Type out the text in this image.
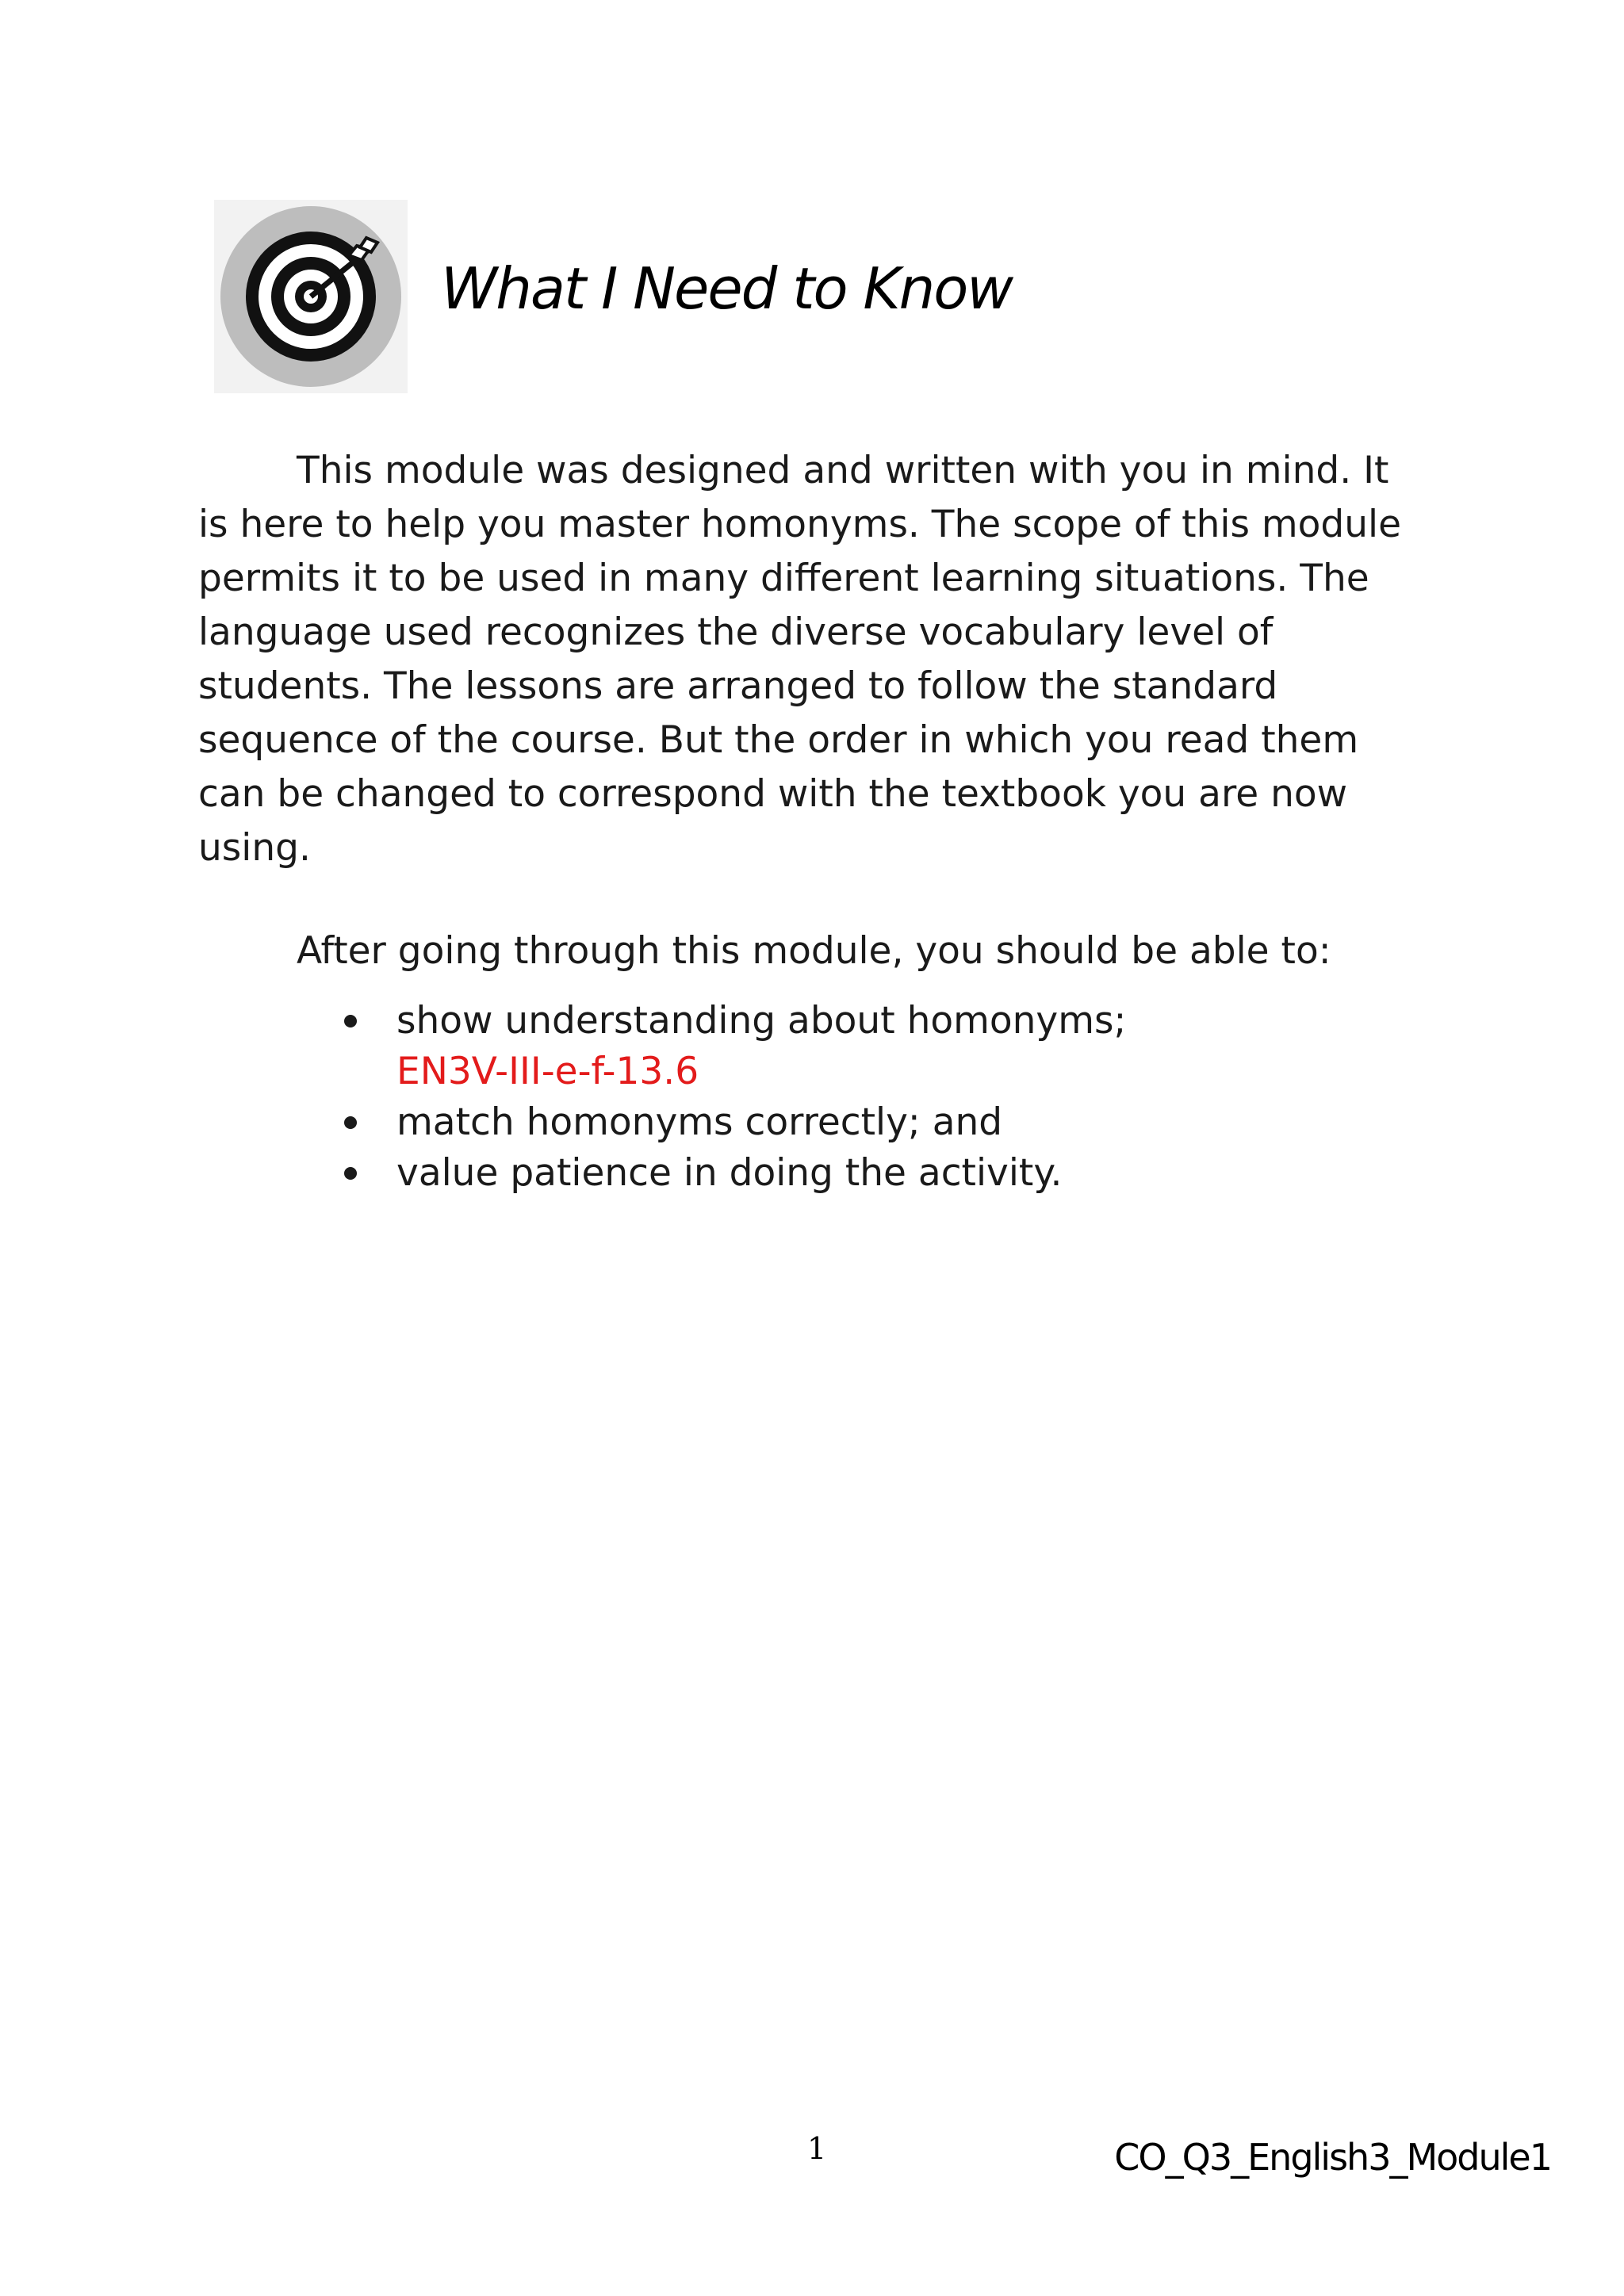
What I Need to Know

This module was designed and written with you in mind. It is here to help you master homonyms. The scope of this module permits it to be used in many different learning situations. The language used recognizes the diverse vocabulary level of students. The lessons are arranged to follow the standard sequence of the course. But the order in which you read them can be changed to correspond with the textbook you are now using.

After going through this module, you should be able to:

show understanding about homonyms;
EN3V-III-e-f-13.6
match homonyms correctly; and
value patience in doing the activity.
1	CO_Q3_English3_Module1
